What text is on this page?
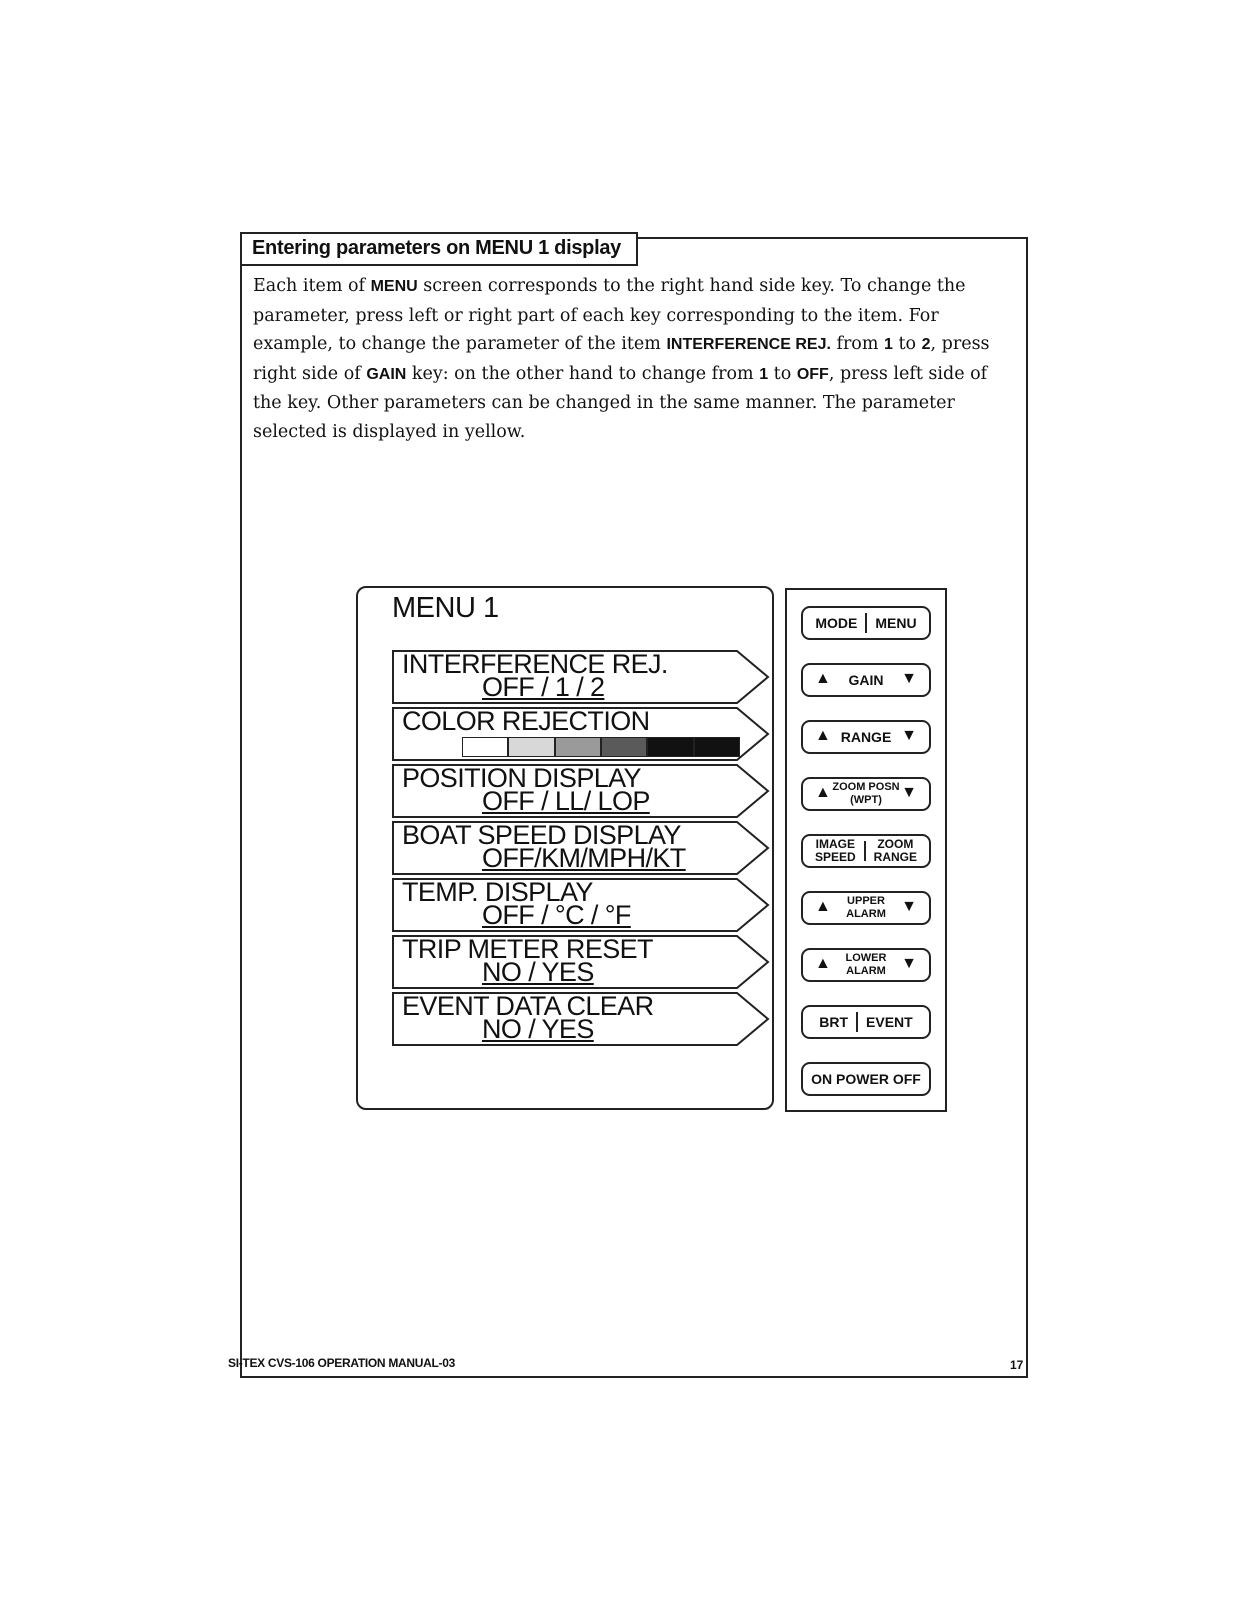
Entering parameters on MENU 1 display

Each item of MENU screen corresponds to the right hand side key. To change the parameter, press left or right part of each key corresponding to the item. For example, to change the parameter of the item INTERFERENCE REJ. from 1 to 2, press right side of GAIN key: on the other hand to change from 1 to OFF, press left side of the key. Other parameters can be changed in the same manner. The parameter selected is displayed in yellow.

MENU 1
INTERFERENCE REJ.
OFF / 1 / 2
COLOR REJECTION
POSITION DISPLAY
OFF / LL/ LOP
BOAT SPEED DISPLAY
OFF/KM/MPH/KT
TEMP. DISPLAY
OFF / °C / °F
TRIP METER RESET
NO / YES
EVENT DATA CLEAR
NO / YES
MODE MENU
▲ GAIN ▼
▲ RANGE ▼
▲ ZOOM POSN
(WPT) ▼
IMAGE
SPEED
ZOOM
RANGE
▲ UPPER
ALARM ▼
▲ LOWER
ALARM ▼
BRT EVENT
ON POWER OFF
SI-TEX CVS-106 OPERATION MANUAL-03	17
